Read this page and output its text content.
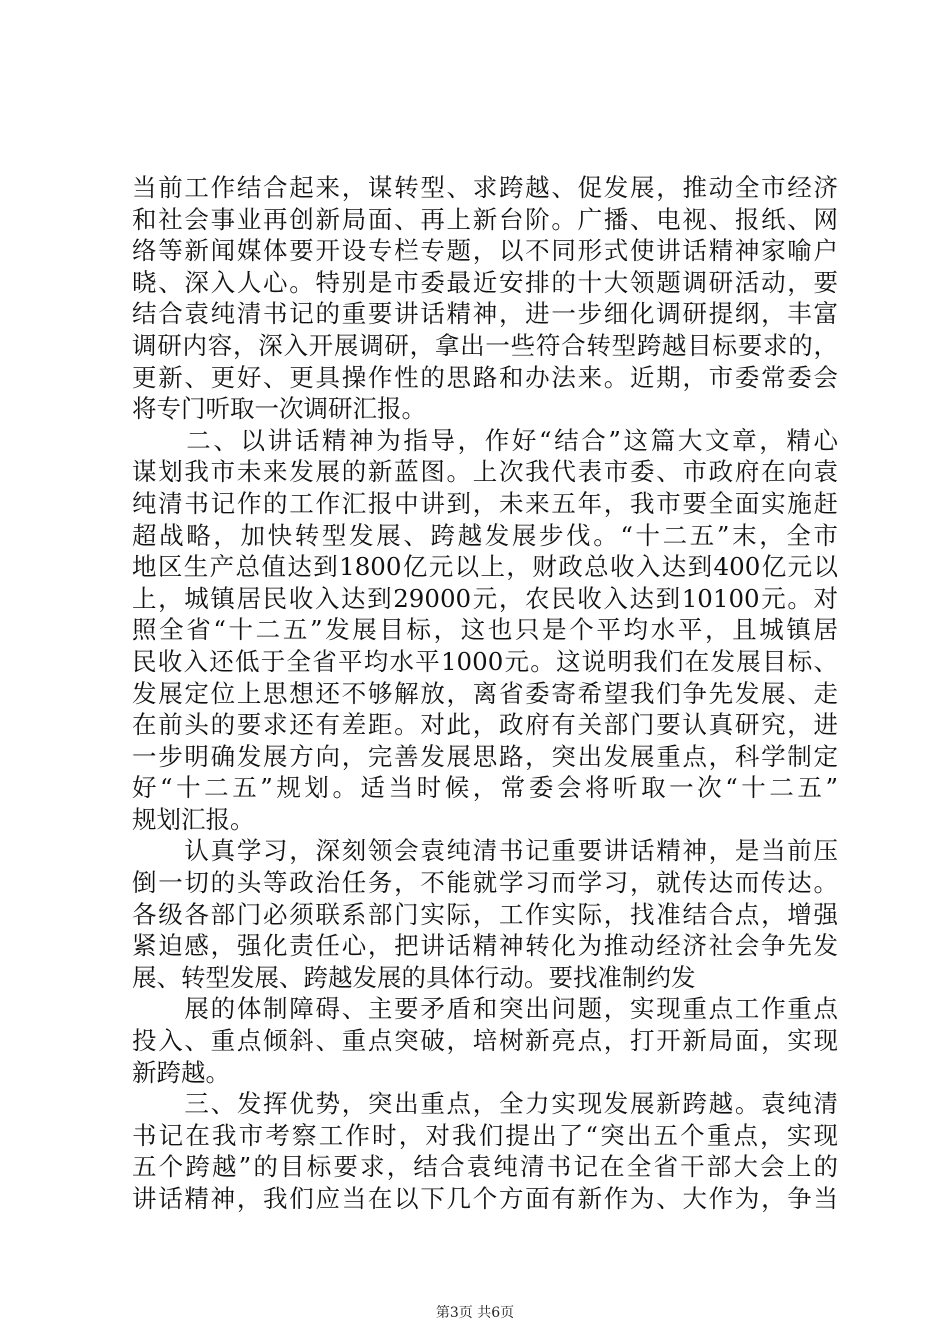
当前工作结合起来，谋转型、求跨越、促发展，推动全市经济
和社会事业再创新局面、再上新台阶。广播、电视、报纸、网
络等新闻媒体要开设专栏专题，以不同形式使讲话精神家喻户
晓、深入人心。特别是市委最近安排的十大领题调研活动，要
结合袁纯清书记的重要讲话精神，进一步细化调研提纲，丰富
调研内容，深入开展调研，拿出一些符合转型跨越目标要求的，
更新、更好、更具操作性的思路和办法来。近期，市委常委会
将专门听取一次调研汇报。
　　二、以讲话精神为指导，作好“结合”这篇大文章，精心
谋划我市未来发展的新蓝图。上次我代表市委、市政府在向袁
纯清书记作的工作汇报中讲到，未来五年，我市要全面实施赶
超战略，加快转型发展、跨越发展步伐。“十二五”末，全市
地区生产总值达到1800亿元以上，财政总收入达到400亿元以
上，城镇居民收入达到29000元，农民收入达到10100元。对
照全省“十二五”发展目标，这也只是个平均水平，且城镇居
民收入还低于全省平均水平1000元。这说明我们在发展目标、
发展定位上思想还不够解放，离省委寄希望我们争先发展、走
在前头的要求还有差距。对此，政府有关部门要认真研究，进
一步明确发展方向，完善发展思路，突出发展重点，科学制定
好“十二五”规划。适当时候，常委会将听取一次“十二五”
规划汇报。
　　认真学习，深刻领会袁纯清书记重要讲话精神，是当前压
倒一切的头等政治任务，不能就学习而学习，就传达而传达。
各级各部门必须联系部门实际，工作实际，找准结合点，增强
紧迫感，强化责任心，把讲话精神转化为推动经济社会争先发
展、转型发展、跨越发展的具体行动。要找准制约发
　　展的体制障碍、主要矛盾和突出问题，实现重点工作重点
投入、重点倾斜、重点突破，培树新亮点，打开新局面，实现
新跨越。
　　三、发挥优势，突出重点，全力实现发展新跨越。袁纯清
书记在我市考察工作时，对我们提出了“突出五个重点，实现
五个跨越”的目标要求，结合袁纯清书记在全省干部大会上的
讲话精神，我们应当在以下几个方面有新作为、大作为，争当
第3页 共6页
